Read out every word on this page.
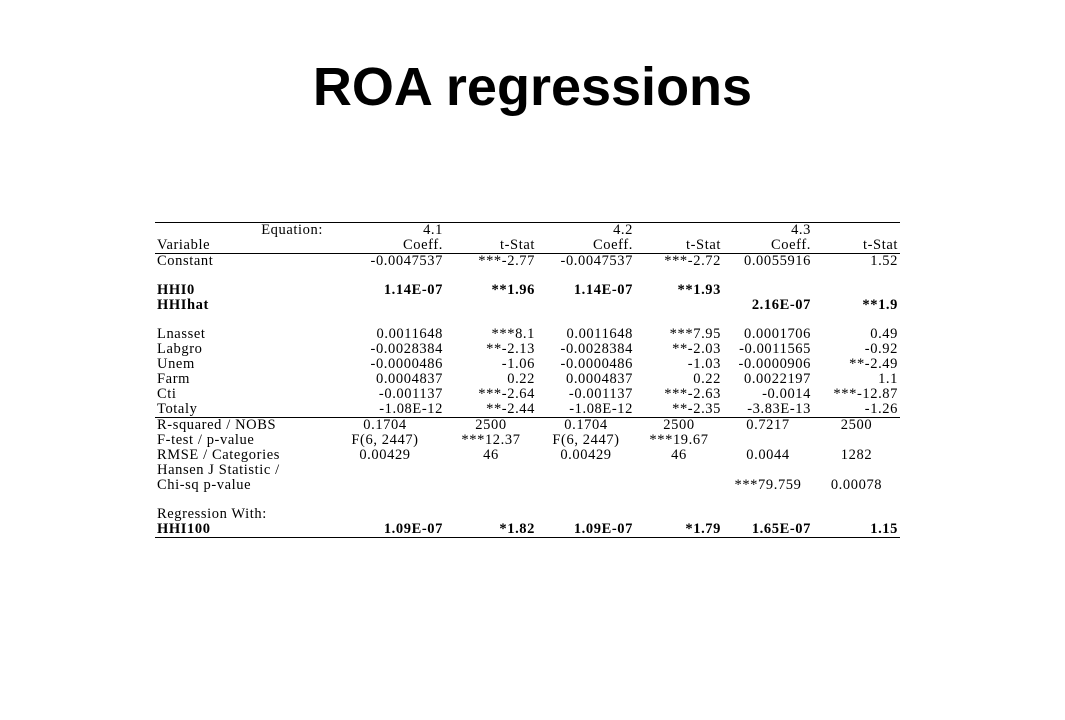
ROA regressions
Equation:	4.1		4.2		4.3	
Variable	Coeff.	t-Stat	Coeff.	t-Stat	Coeff.	t-Stat
Constant	-0.0047537	***-2.77	-0.0047537	***-2.72	0.0055916	1.52

HHI0	1.14E-07	**1.96	1.14E-07	**1.93		
HHIhat					2.16E-07	**1.9

Lnasset	0.0011648	***8.1	0.0011648	***7.95	0.0001706	0.49
Labgro	-0.0028384	**-2.13	-0.0028384	**-2.03	-0.0011565	-0.92
Unem	-0.0000486	-1.06	-0.0000486	-1.03	-0.0000906	**-2.49
Farm	0.0004837	0.22	0.0004837	0.22	0.0022197	1.1
Cti	-0.001137	***-2.64	-0.001137	***-2.63	-0.0014	***-12.87
Totaly	-1.08E-12	**-2.44	-1.08E-12	**-2.35	-3.83E-13	-1.26
R-squared / NOBS	0.1704	2500	0.1704	2500	0.7217	2500
F-test / p-value	F(6, 2447)	***12.37	F(6, 2447)	***19.67		
RMSE / Categories	0.00429	46	0.00429	46	0.0044	1282
Hansen J Statistic /						
Chi-sq p-value					***79.759	0.00078

Regression With:						
HHI100	1.09E-07	*1.82	1.09E-07	*1.79	1.65E-07	1.15
